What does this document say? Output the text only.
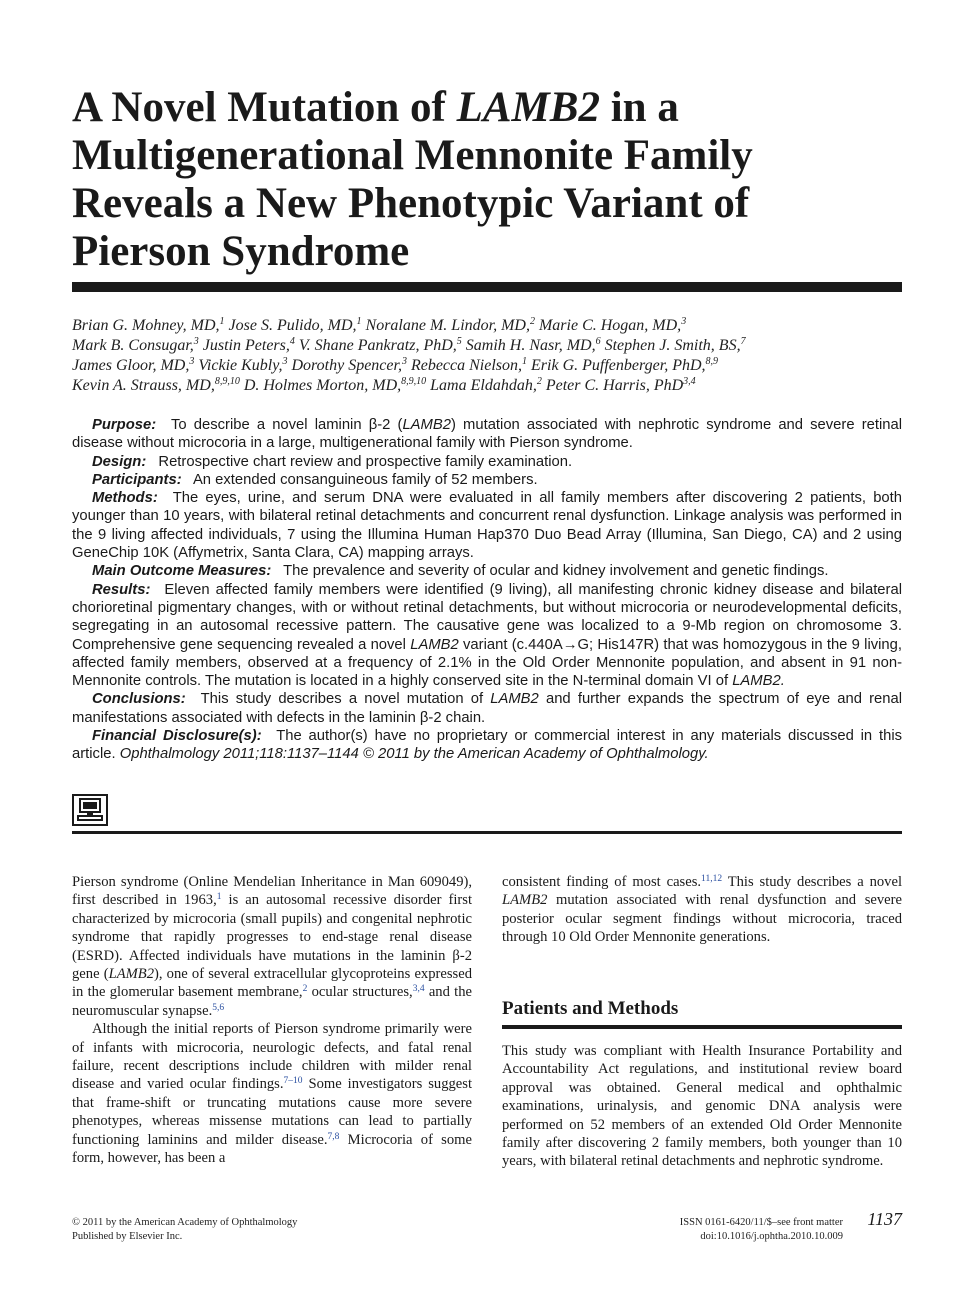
A Novel Mutation of LAMB2 in a Multigenerational Mennonite Family Reveals a New Phenotypic Variant of Pierson Syndrome
Brian G. Mohney, MD,$^1$ Jose S. Pulido, MD,$^1$ Noralane M. Lindor, MD,$^2$ Marie C. Hogan, MD,$^3$
Mark B. Consugar,$^3$ Justin Peters,$^4$ V. Shane Pankratz, PhD,$^5$ Samih H. Nasr, MD,$^6$ Stephen J. Smith, BS,$^7$
James Gloor, MD,$^3$ Vickie Kubly,$^3$ Dorothy Spencer,$^3$ Rebecca Nielson,$^1$ Erik G. Puffenberger, PhD,$^{8,9}$
Kevin A. Strauss, MD,$^{8,9,10}$ D. Holmes Morton, MD,$^{8,9,10}$ Lama Eldahdah,$^2$ Peter C. Harris, PhD$^{3,4}$

Purpose: To describe a novel laminin β-2 (LAMB2) mutation associated with nephrotic syndrome and severe retinal disease without microcoria in a large, multigenerational family with Pierson syndrome.

Design: Retrospective chart review and prospective family examination.

Participants: An extended consanguineous family of 52 members.

Methods: The eyes, urine, and serum DNA were evaluated in all family members after discovering 2 patients, both younger than 10 years, with bilateral retinal detachments and concurrent renal dysfunction. Linkage analysis was performed in the 9 living affected individuals, 7 using the Illumina Human Hap370 Duo Bead Array (Illumina, San Diego, CA) and 2 using GeneChip 10K (Affymetrix, Santa Clara, CA) mapping arrays.

Main Outcome Measures: The prevalence and severity of ocular and kidney involvement and genetic findings.

Results: Eleven affected family members were identified (9 living), all manifesting chronic kidney disease and bilateral chorioretinal pigmentary changes, with or without retinal detachments, but without microcoria or neurodevelopmental deficits, segregating in an autosomal recessive pattern. The causative gene was localized to a 9-Mb region on chromosome 3. Comprehensive gene sequencing revealed a novel LAMB2 variant (c.440A→G; His147R) that was homozygous in the 9 living, affected family members, observed at a frequency of 2.1% in the Old Order Mennonite population, and absent in 91 non-Mennonite controls. The mutation is located in a highly conserved site in the N-terminal domain VI of LAMB2.

Conclusions: This study describes a novel mutation of LAMB2 and further expands the spectrum of eye and renal manifestations associated with defects in the laminin β-2 chain.

Financial Disclosure(s): The author(s) have no proprietary or commercial interest in any materials discussed in this article. Ophthalmology 2011;118:1137–1144 © 2011 by the American Academy of Ophthalmology.

Pierson syndrome (Online Mendelian Inheritance in Man 609049), first described in 1963,$^1$ is an autosomal recessive disorder first characterized by microcoria (small pupils) and congenital nephrotic syndrome that rapidly progresses to end-stage renal disease (ESRD). Affected individuals have mutations in the laminin β-2 gene (LAMB2), one of several extracellular glycoproteins expressed in the glomerular basement membrane,$^2$ ocular structures,$^{3,4}$ and the neuromuscular synapse.$^{5,6}$

Although the initial reports of Pierson syndrome primarily were of infants with microcoria, neurologic defects, and fatal renal failure, recent descriptions include children with milder renal disease and varied ocular findings.$^{7-10}$ Some investigators suggest that frame-shift or truncating mutations cause more severe phenotypes, whereas missense mutations can lead to partially functioning laminins and milder disease.$^{7,8}$ Microcoria of some form, however, has been a

consistent finding of most cases.$^{11,12}$ This study describes a novel LAMB2 mutation associated with renal dysfunction and severe posterior ocular segment findings without microcoria, traced through 10 Old Order Mennonite generations.

Patients and Methods

This study was compliant with Health Insurance Portability and Accountability Act regulations, and institutional review board approval was obtained. General medical and ophthalmic examinations, urinalysis, and genomic DNA analysis were performed on 52 members of an extended Old Order Mennonite family after discovering 2 family members, both younger than 10 years, with bilateral retinal detachments and nephrotic syndrome.

© 2011 by the American Academy of Ophthalmology
Published by Elsevier Inc.
ISSN 0161-6420/11/$–see front matter
doi:10.1016/j.ophtha.2010.10.009
1137
